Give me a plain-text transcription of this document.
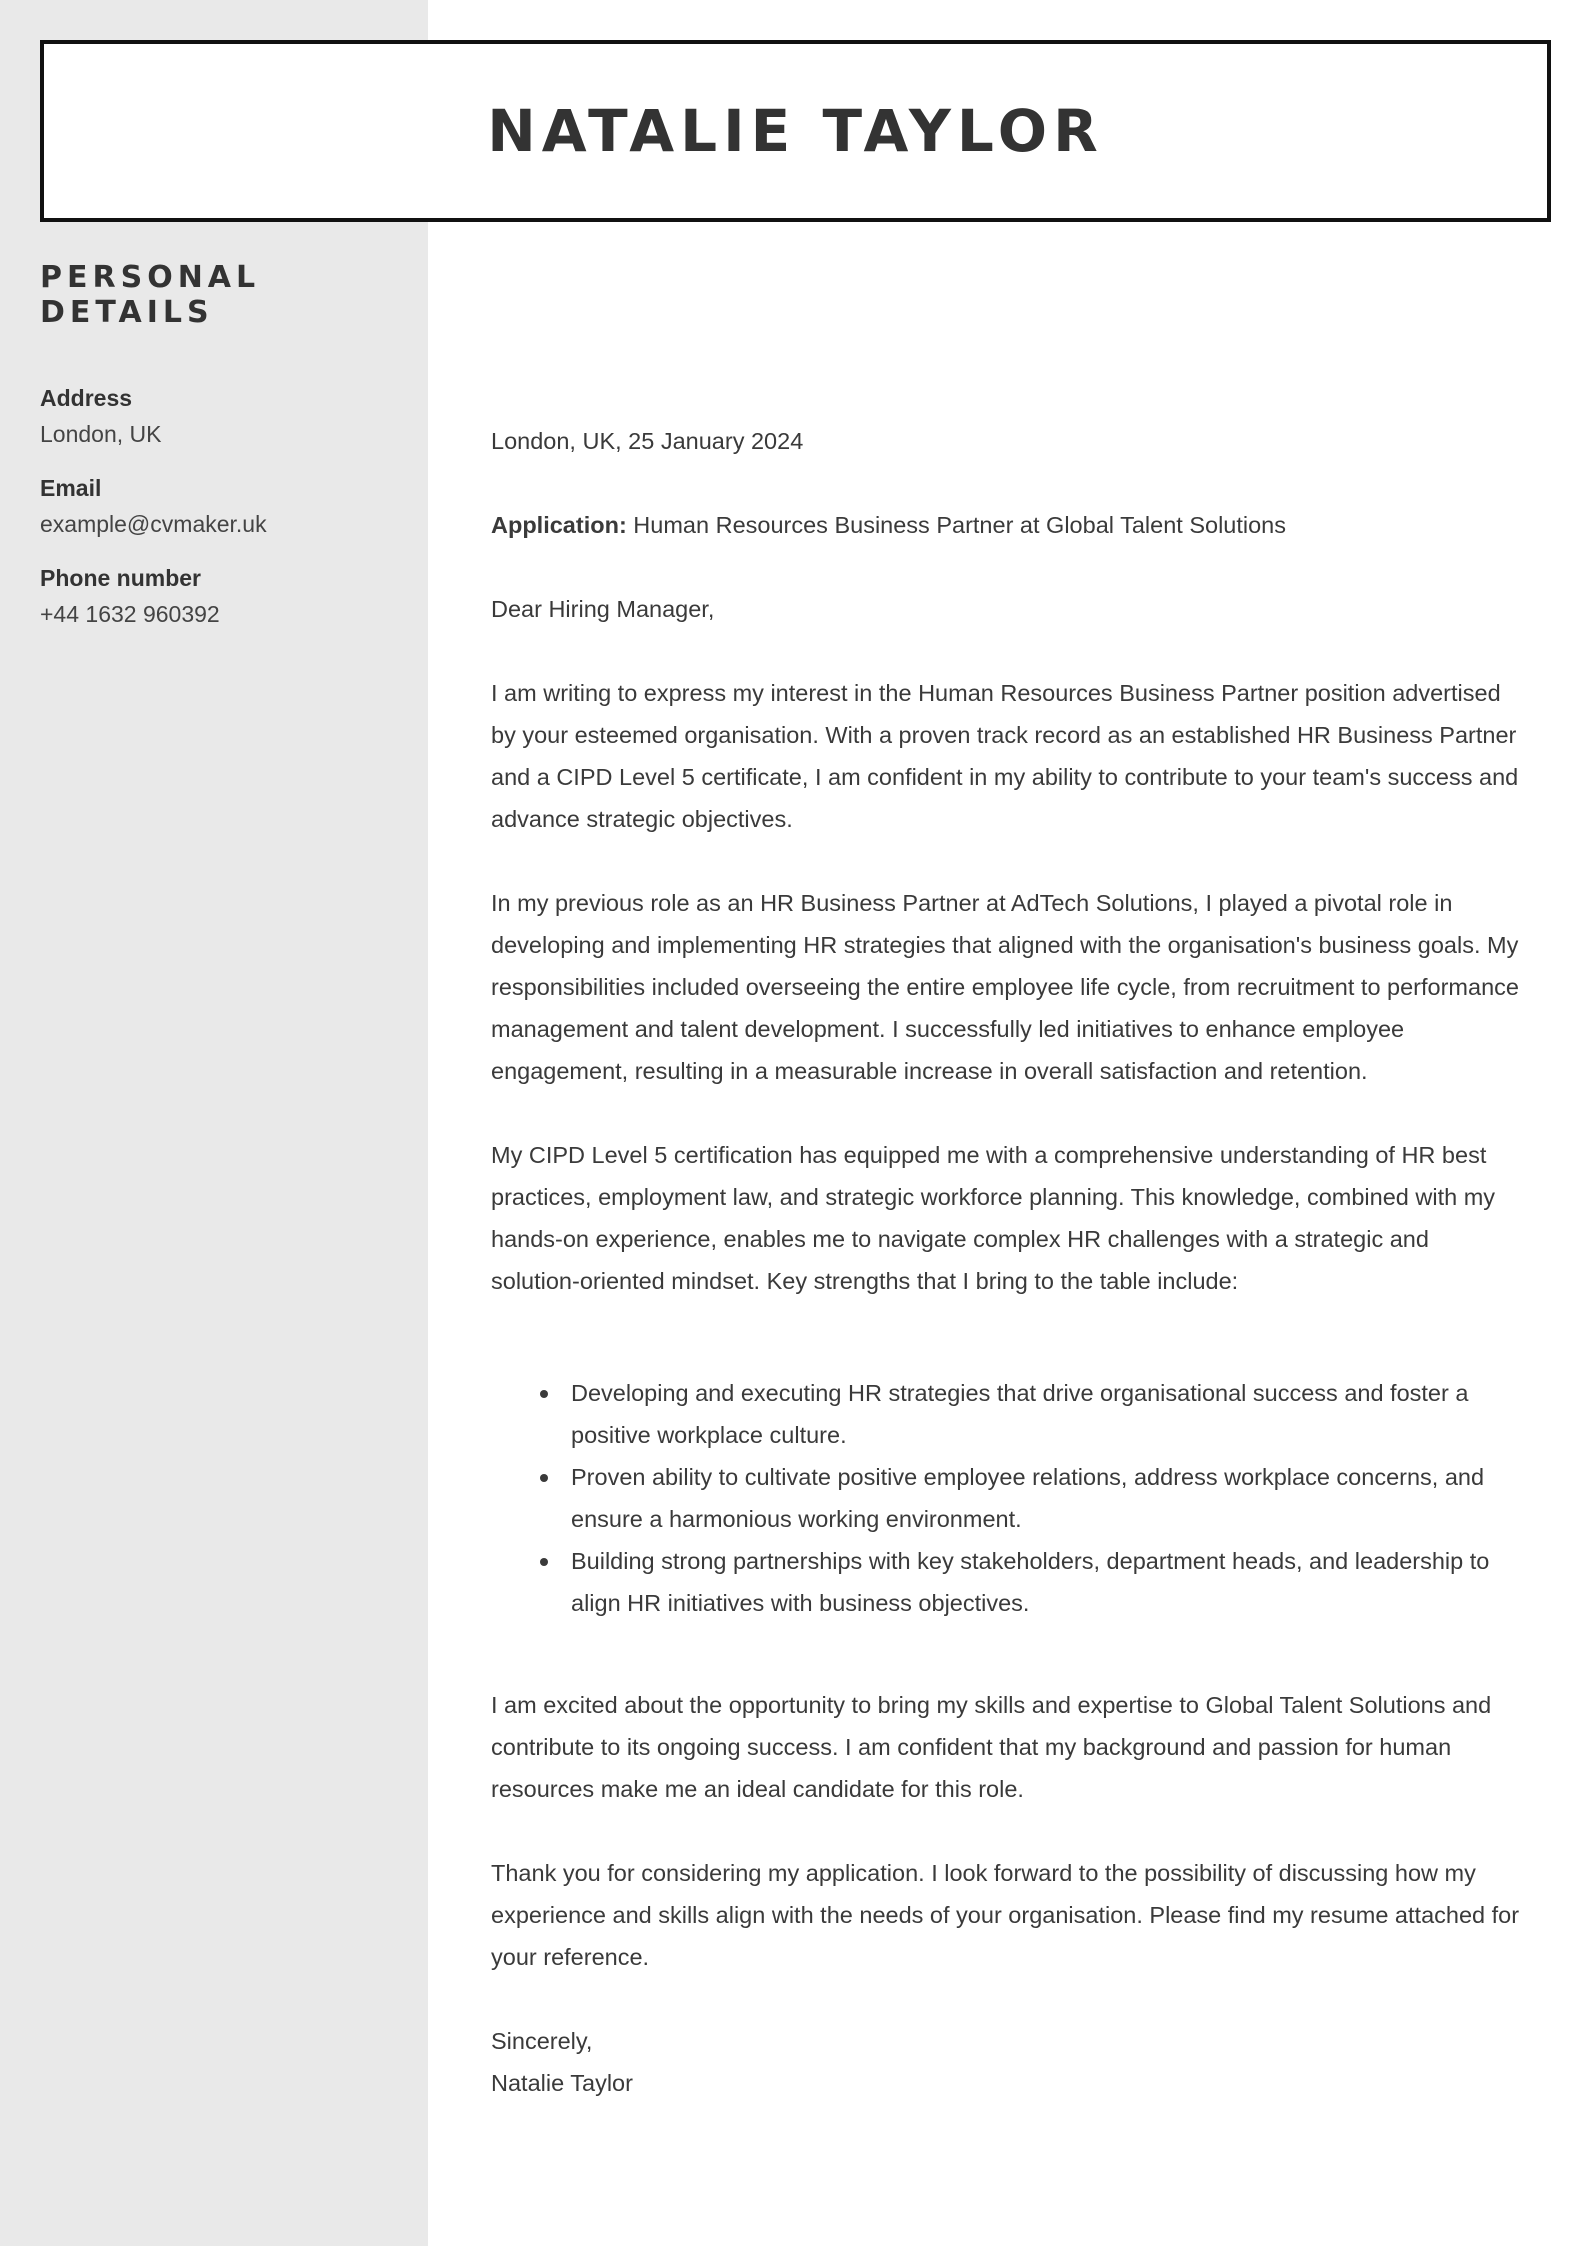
NATALIE TAYLOR
PERSONAL DETAILS
Address
London, UK
Email
example@cvmaker.uk
Phone number
+44 1632 960392

London, UK, 25 January 2024

Application: Human Resources Business Partner at Global Talent Solutions

Dear Hiring Manager,

I am writing to express my interest in the Human Resources Business Partner position advertised by your esteemed organisation. With a proven track record as an established HR Business Partner and a CIPD Level 5 certificate, I am confident in my ability to contribute to your team's success and advance strategic objectives.

In my previous role as an HR Business Partner at AdTech Solutions, I played a pivotal role in developing and implementing HR strategies that aligned with the organisation's business goals. My responsibilities included overseeing the entire employee life cycle, from recruitment to performance management and talent development. I successfully led initiatives to enhance employee engagement, resulting in a measurable increase in overall satisfaction and retention.

My CIPD Level 5 certification has equipped me with a comprehensive understanding of HR best practices, employment law, and strategic workforce planning. This knowledge, combined with my hands-on experience, enables me to navigate complex HR challenges with a strategic and solution-oriented mindset. Key strengths that I bring to the table include:

Developing and executing HR strategies that drive organisational success and foster a positive workplace culture.
Proven ability to cultivate positive employee relations, address workplace concerns, and ensure a harmonious working environment.
Building strong partnerships with key stakeholders, department heads, and leadership to align HR initiatives with business objectives.

I am excited about the opportunity to bring my skills and expertise to Global Talent Solutions and contribute to its ongoing success. I am confident that my background and passion for human resources make me an ideal candidate for this role.

Thank you for considering my application. I look forward to the possibility of discussing how my experience and skills align with the needs of your organisation. Please find my resume attached for your reference.

Sincerely,

Natalie Taylor
